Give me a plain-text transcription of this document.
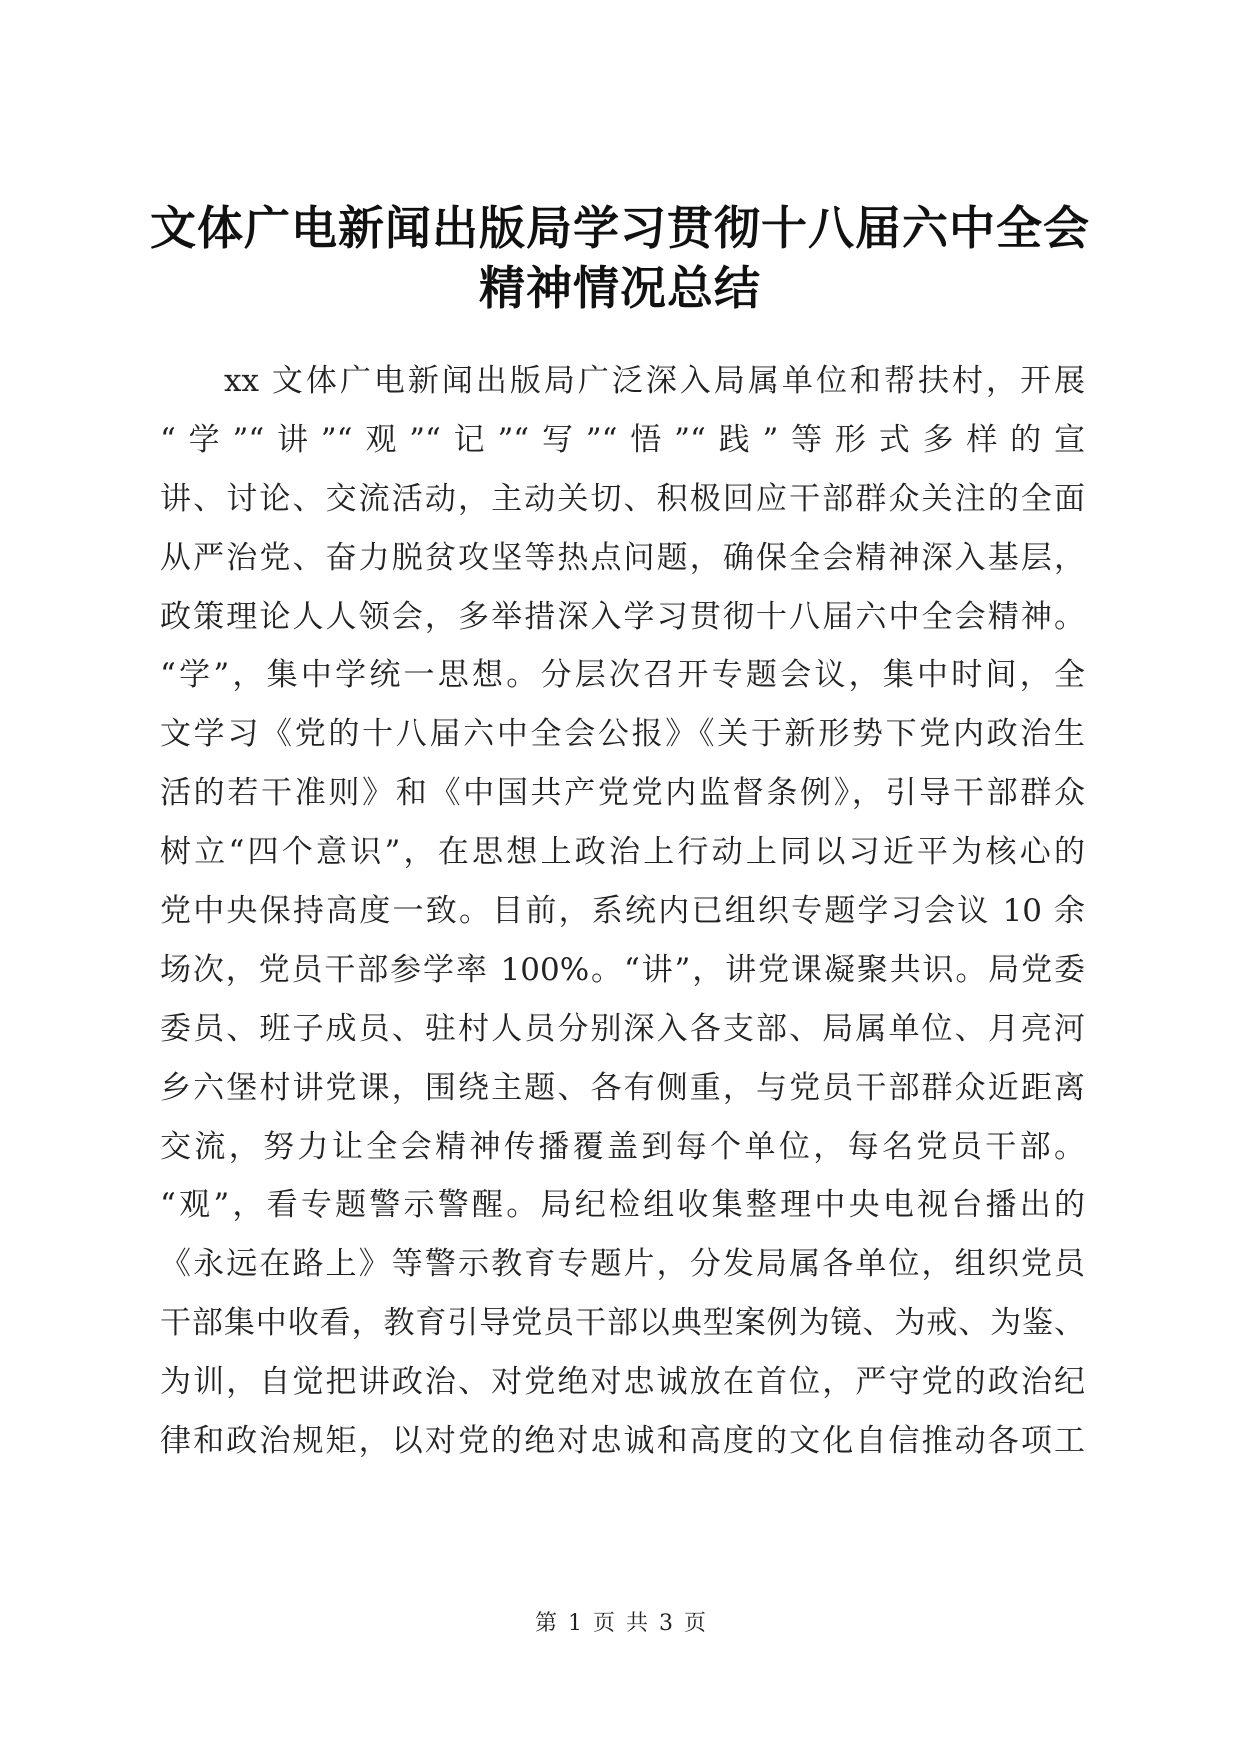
文体广电新闻出版局学习贯彻十八届六中全会
精神情况总结
xx 文体广电新闻出版局广泛深入局属单位和帮扶村，开展
“学”“讲”“观”“记”“写”“悟”“践”等形式多样的宣
讲、讨论、交流活动，主动关切、积极回应干部群众关注的全面
从严治党、奋力脱贫攻坚等热点问题，确保全会精神深入基层，
政策理论人人领会，多举措深入学习贯彻十八届六中全会精神。
“学”，集中学统一思想。分层次召开专题会议，集中时间，全
文学习《党的十八届六中全会公报》《关于新形势下党内政治生
活的若干准则》和《中国共产党党内监督条例》，引导干部群众
树立“四个意识”，在思想上政治上行动上同以习近平为核心的
党中央保持高度一致。目前，系统内已组织专题学习会议 10 余
场次，党员干部参学率 100%。“讲”，讲党课凝聚共识。局党委
委员、班子成员、驻村人员分别深入各支部、局属单位、月亮河
乡六堡村讲党课，围绕主题、各有侧重，与党员干部群众近距离
交流，努力让全会精神传播覆盖到每个单位，每名党员干部。
“观”，看专题警示警醒。局纪检组收集整理中央电视台播出的
《永远在路上》等警示教育专题片，分发局属各单位，组织党员
干部集中收看，教育引导党员干部以典型案例为镜、为戒、为鉴、
为训，自觉把讲政治、对党绝对忠诚放在首位，严守党的政治纪
律和政治规矩，以对党的绝对忠诚和高度的文化自信推动各项工
第 1 页 共 3 页
